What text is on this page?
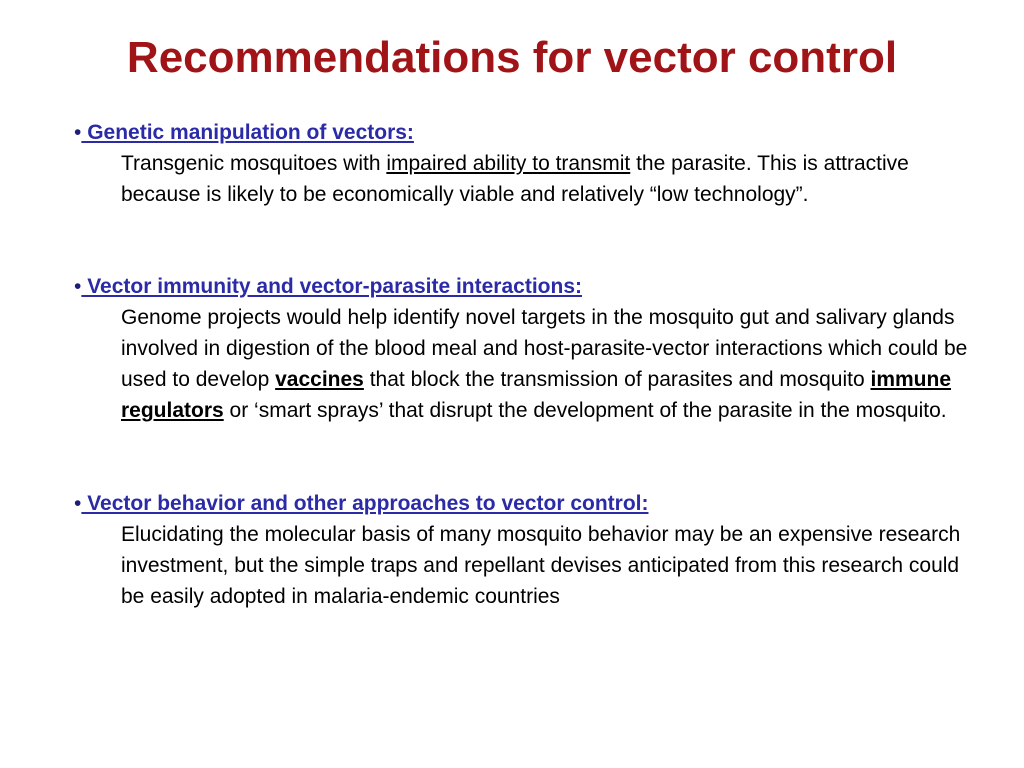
Recommendations for vector control
• Genetic manipulation of vectors:
Transgenic mosquitoes with impaired ability to transmit the parasite. This is attractive because is likely to be economically viable and relatively “low technology”.
• Vector immunity and vector-parasite interactions:
Genome projects would help identify novel targets in the mosquito gut and salivary glands involved in digestion of the blood meal and host-parasite-vector interactions which could be used to develop vaccines that block the transmission of parasites and mosquito immune regulators or ‘smart sprays’ that disrupt the development of the parasite in the mosquito.
• Vector behavior and other approaches to vector control:
Elucidating the molecular basis of many mosquito behavior may be an expensive research investment, but the simple traps and repellant devises anticipated from this research could be easily adopted in malaria-endemic countries
